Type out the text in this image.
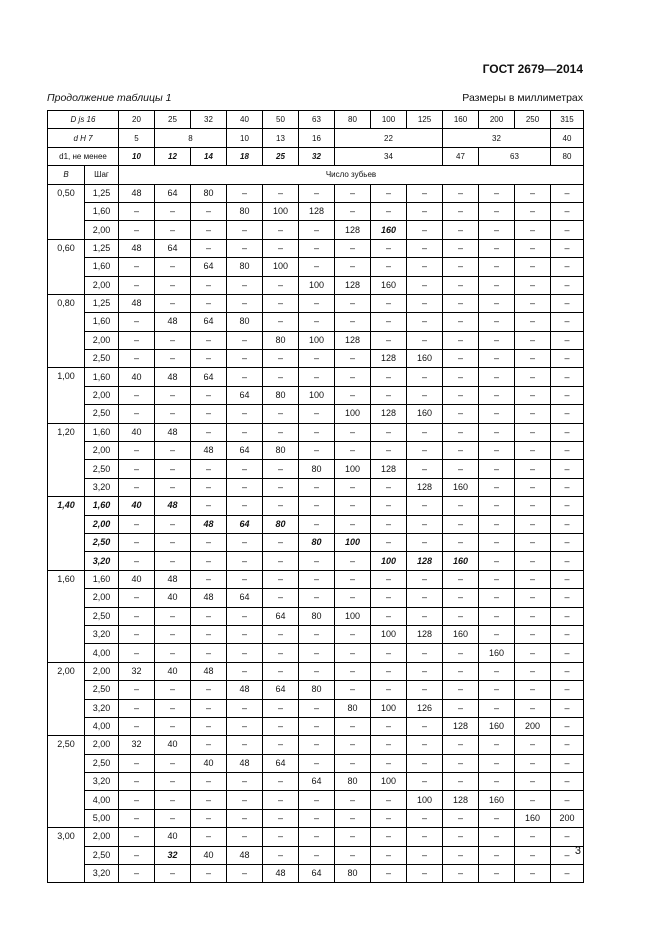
ГОСТ 2679—2014
Продолжение таблицы 1	Размеры в миллиметрах
D js 16		20	25	32	40	50	63	80	100	125	160	200	250	315
d H 7		5	8		10	13	16	22			32			40
d1, не менее		10	12	14	18	25	32	34			47	63		80
B	Шаг	Число зубьев												
0,50	1,25	48	64	80	–	–	–	–	–	–	–	–	–	–
	1,60	–	–	–	80	100	128	–	–	–	–	–	–	–
	2,00	–	–	–	–	–	–	128	160	–	–	–	–	–
0,60	1,25	48	64	–	–	–	–	–	–	–	–	–	–	–
	1,60	–	–	64	80	100	–	–	–	–	–	–	–	–
	2,00	–	–	–	–	–	100	128	160	–	–	–	–	–
0,80	1,25	48	–	–	–	–	–	–	–	–	–	–	–	–
	1,60	–	48	64	80	–	–	–	–	–	–	–	–	–
	2,00	–	–	–	–	80	100	128	–	–	–	–	–	–
	2,50	–	–	–	–	–	–	–	128	160	–	–	–	–
1,00	1,60	40	48	64	–	–	–	–	–	–	–	–	–	–
	2,00	–	–	–	64	80	100	–	–	–	–	–	–	–
	2,50	–	–	–	–	–	–	100	128	160	–	–	–	–
1,20	1,60	40	48	–	–	–	–	–	–	–	–	–	–	–
	2,00	–	–	48	64	80	–	–	–	–	–	–	–	–
	2,50	–	–	–	–	–	80	100	128	–	–	–	–	–
	3,20	–	–	–	–	–	–	–	–	128	160	–	–	–
1,40	1,60	40	48	–	–	–	–	–	–	–	–	–	–	–
	2,00	–	–	48	64	80	–	–	–	–	–	–	–	–
	2,50	–	–	–	–	–	80	100	–	–	–	–	–	–
	3,20	–	–	–	–	–	–	–	100	128	160	–	–	–
1,60	1,60	40	48	–	–	–	–	–	–	–	–	–	–	–
	2,00	–	40	48	64	–	–	–	–	–	–	–	–	–
	2,50	–	–	–	–	64	80	100	–	–	–	–	–	–
	3,20	–	–	–	–	–	–	–	100	128	160	–	–	–
	4,00	–	–	–	–	–	–	–	–	–	–	160	–	–
2,00	2,00	32	40	48	–	–	–	–	–	–	–	–	–	–
	2,50	–	–	–	48	64	80	–	–	–	–	–	–	–
	3,20	–	–	–	–	–	–	80	100	126	–	–	–	–
	4,00	–	–	–	–	–	–	–	–	–	128	160	200	–
2,50	2,00	32	40	–	–	–	–	–	–	–	–	–	–	–
	2,50	–	–	40	48	64	–	–	–	–	–	–	–	–
	3,20	–	–	–	–	–	64	80	100	–	–	–	–	–
	4,00	–	–	–	–	–	–	–	–	100	128	160	–	–
	5,00	–	–	–	–	–	–	–	–	–	–	–	160	200
3,00	2,00	–	40	–	–	–	–	–	–	–	–	–	–	–
	2,50	–	32	40	48	–	–	–	–	–	–	–	–	–
	3,20	–	–	–	–	48	64	80	–	–	–	–	–	–
3
